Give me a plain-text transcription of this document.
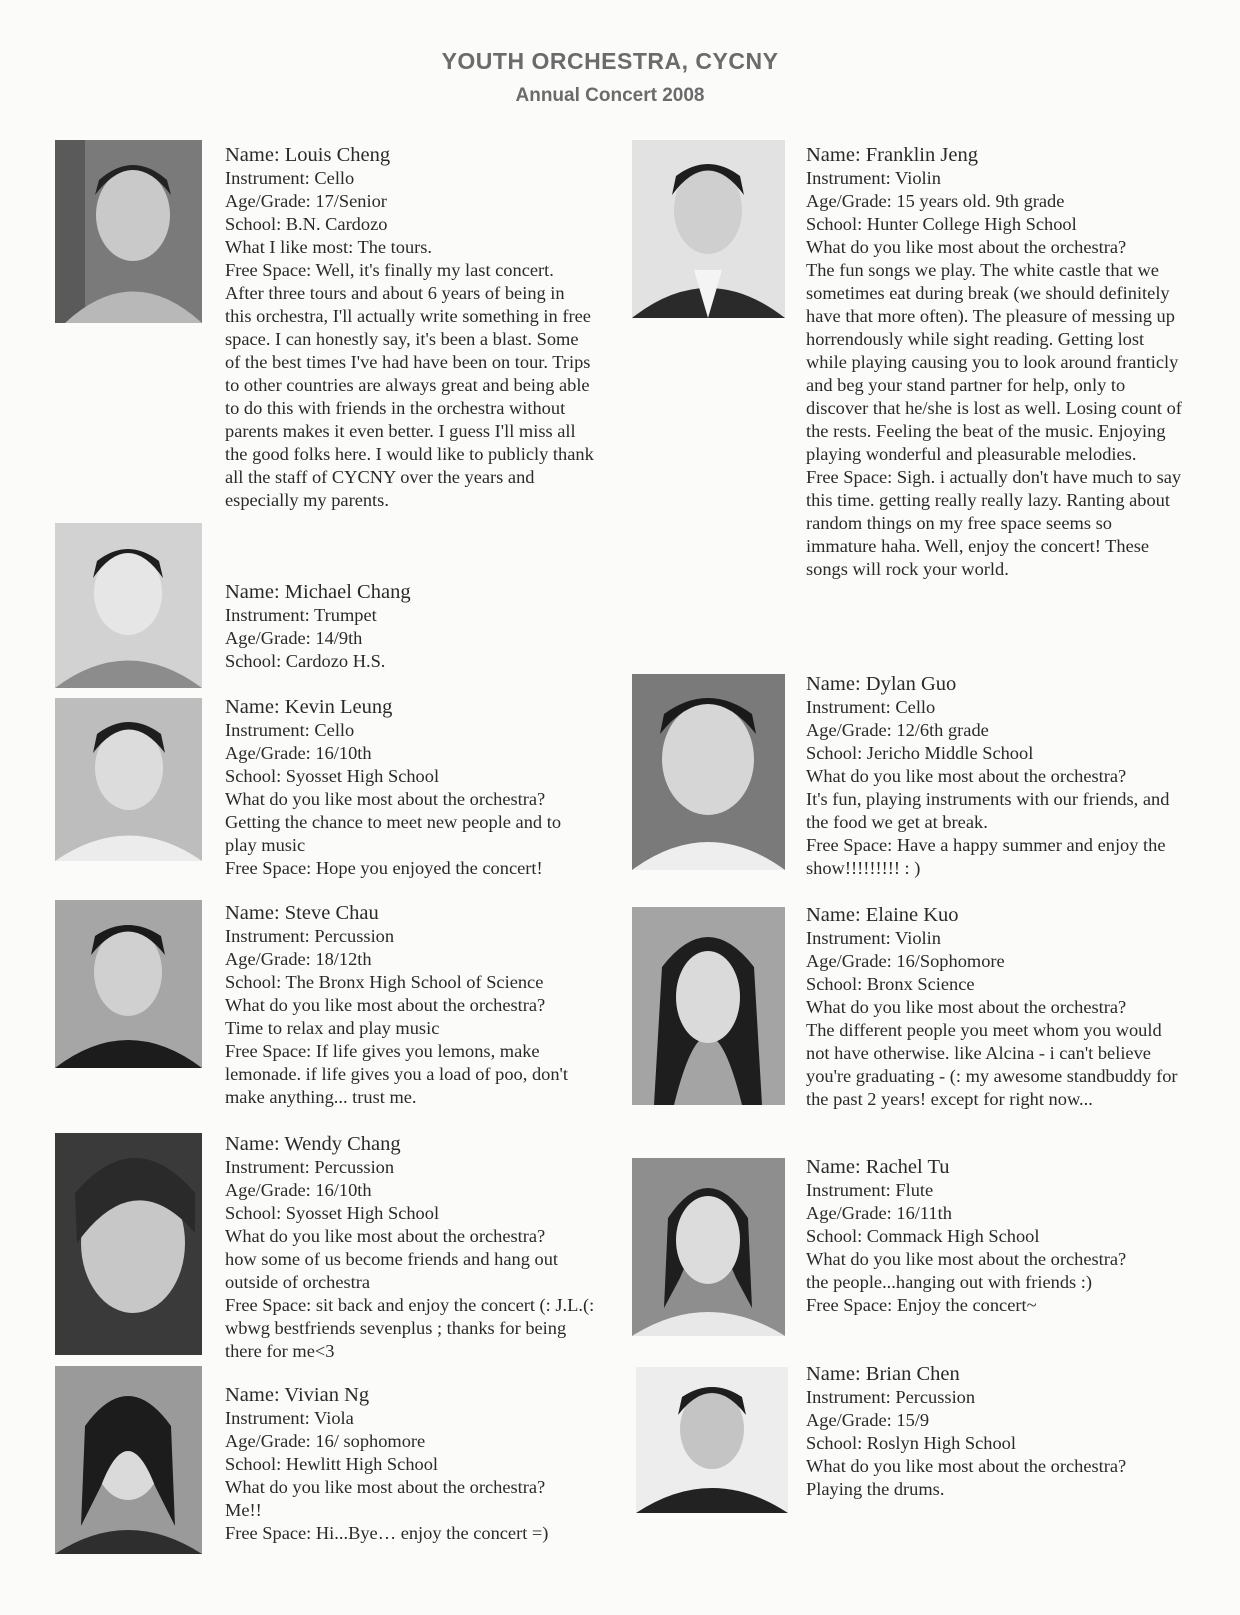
YOUTH ORCHESTRA, CYCNY
Annual Concert 2008
Name: Louis Cheng
Instrument: Cello
Age/Grade: 17/Senior
School: B.N. Cardozo
What I like most: The tours.
Free Space: Well, it's finally my last concert. After three tours and about 6 years of being in this orchestra, I'll actually write something in free space. I can honestly say, it's been a blast. Some of the best times I've had have been on tour. Trips to other countries are always great and being able to do this with friends in the orchestra without parents makes it even better. I guess I'll miss all the good folks here. I would like to publicly thank all the staff of CYCNY over the years and especially my parents.
Name: Michael Chang
Instrument: Trumpet
Age/Grade: 14/9th
School: Cardozo H.S.
Name: Kevin Leung
Instrument: Cello
Age/Grade: 16/10th
School: Syosset High School
What do you like most about the orchestra?
Getting the chance to meet new people and to play music
Free Space: Hope you enjoyed the concert!
Name: Steve Chau
Instrument: Percussion
Age/Grade: 18/12th
School: The Bronx High School of Science
What do you like most about the orchestra?
Time to relax and play music
Free Space: If life gives you lemons, make lemonade. if life gives you a load of poo, don't make anything... trust me.
Name: Wendy Chang
Instrument: Percussion
Age/Grade: 16/10th
School: Syosset High School
What do you like most about the orchestra?
how some of us become friends and hang out outside of orchestra
Free Space: sit back and enjoy the concert (: J.L.(: wbwg bestfriends sevenplus ; thanks for being there for me<3
Name: Vivian Ng
Instrument: Viola
Age/Grade: 16/ sophomore
School: Hewlitt High School
What do you like most about the orchestra?
Me!!
Free Space: Hi...Bye… enjoy the concert =)
Name: Franklin Jeng
Instrument: Violin
Age/Grade: 15 years old. 9th grade
School: Hunter College High School
What do you like most about the orchestra?
The fun songs we play. The white castle that we sometimes eat during break (we should definitely have that more often). The pleasure of messing up horrendously while sight reading. Getting lost while playing causing you to look around franticly and beg your stand partner for help, only to discover that he/she is lost as well. Losing count of the rests. Feeling the beat of the music. Enjoying playing wonderful and pleasurable melodies.
Free Space: Sigh. i actually don't have much to say this time. getting really really lazy. Ranting about random things on my free space seems so immature haha. Well, enjoy the concert! These songs will rock your world.
Name: Dylan Guo
Instrument: Cello
Age/Grade: 12/6th grade
School: Jericho Middle School
What do you like most about the orchestra?
It's fun, playing instruments with our friends, and the food we get at break.
Free Space: Have a happy summer and enjoy the show!!!!!!!!! : )
Name: Elaine Kuo
Instrument: Violin
Age/Grade: 16/Sophomore
School: Bronx Science
What do you like most about the orchestra?
The different people you meet whom you would not have otherwise. like Alcina - i can't believe you're graduating - (: my awesome standbuddy for the past 2 years! except for right now...
Name: Rachel Tu
Instrument: Flute
Age/Grade: 16/11th
School: Commack High School
What do you like most about the orchestra?
the people...hanging out with friends :)
Free Space: Enjoy the concert~
Name: Brian Chen
Instrument: Percussion
Age/Grade: 15/9
School: Roslyn High School
What do you like most about the orchestra?
Playing the drums.
